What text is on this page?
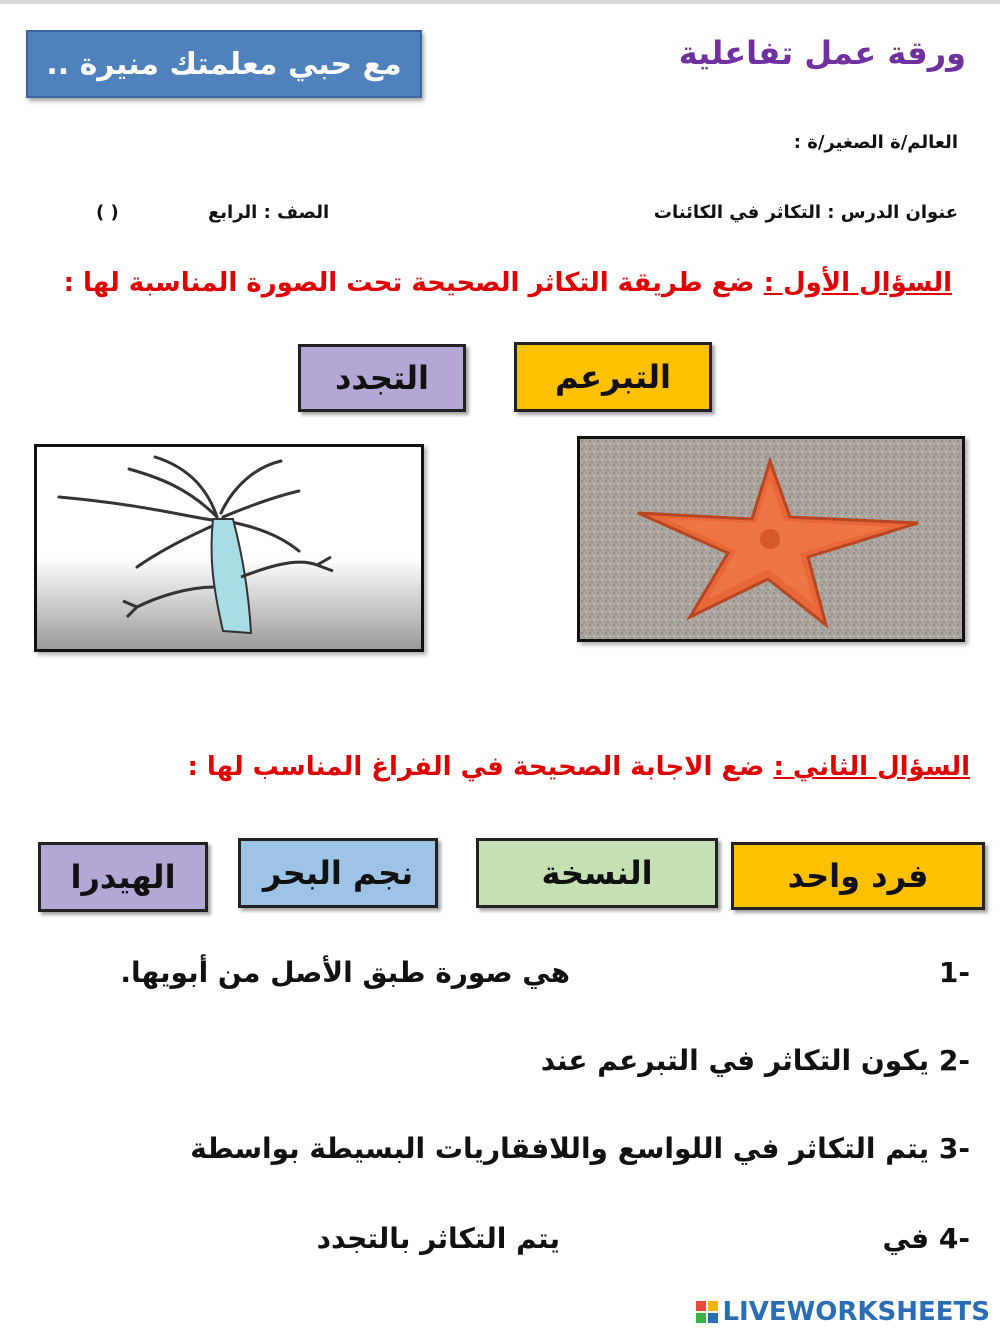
ورقة عمل تفاعلية
مع حبي معلمتك منيرة ..
العالم/ة الصغير/ة :
عنوان الدرس : التكاثر في الكائنات
الصف : الرابع
( )
السؤال الأول : ضع طريقة التكاثر الصحيحة تحت الصورة المناسبة لها :
التبرعم
التجدد
السؤال الثاني : ضع الاجابة الصحيحة في الفراغ المناسب لها :
فرد واحد
النسخة
نجم البحر
الهيدرا
-1
هي صورة طبق الأصل من أبويها.
-2 يكون التكاثر في التبرعم عند
-3 يتم التكاثر في اللواسع واللافقاريات البسيطة بواسطة
-4 في
يتم التكاثر بالتجدد
LIVEWORKSHEETS
